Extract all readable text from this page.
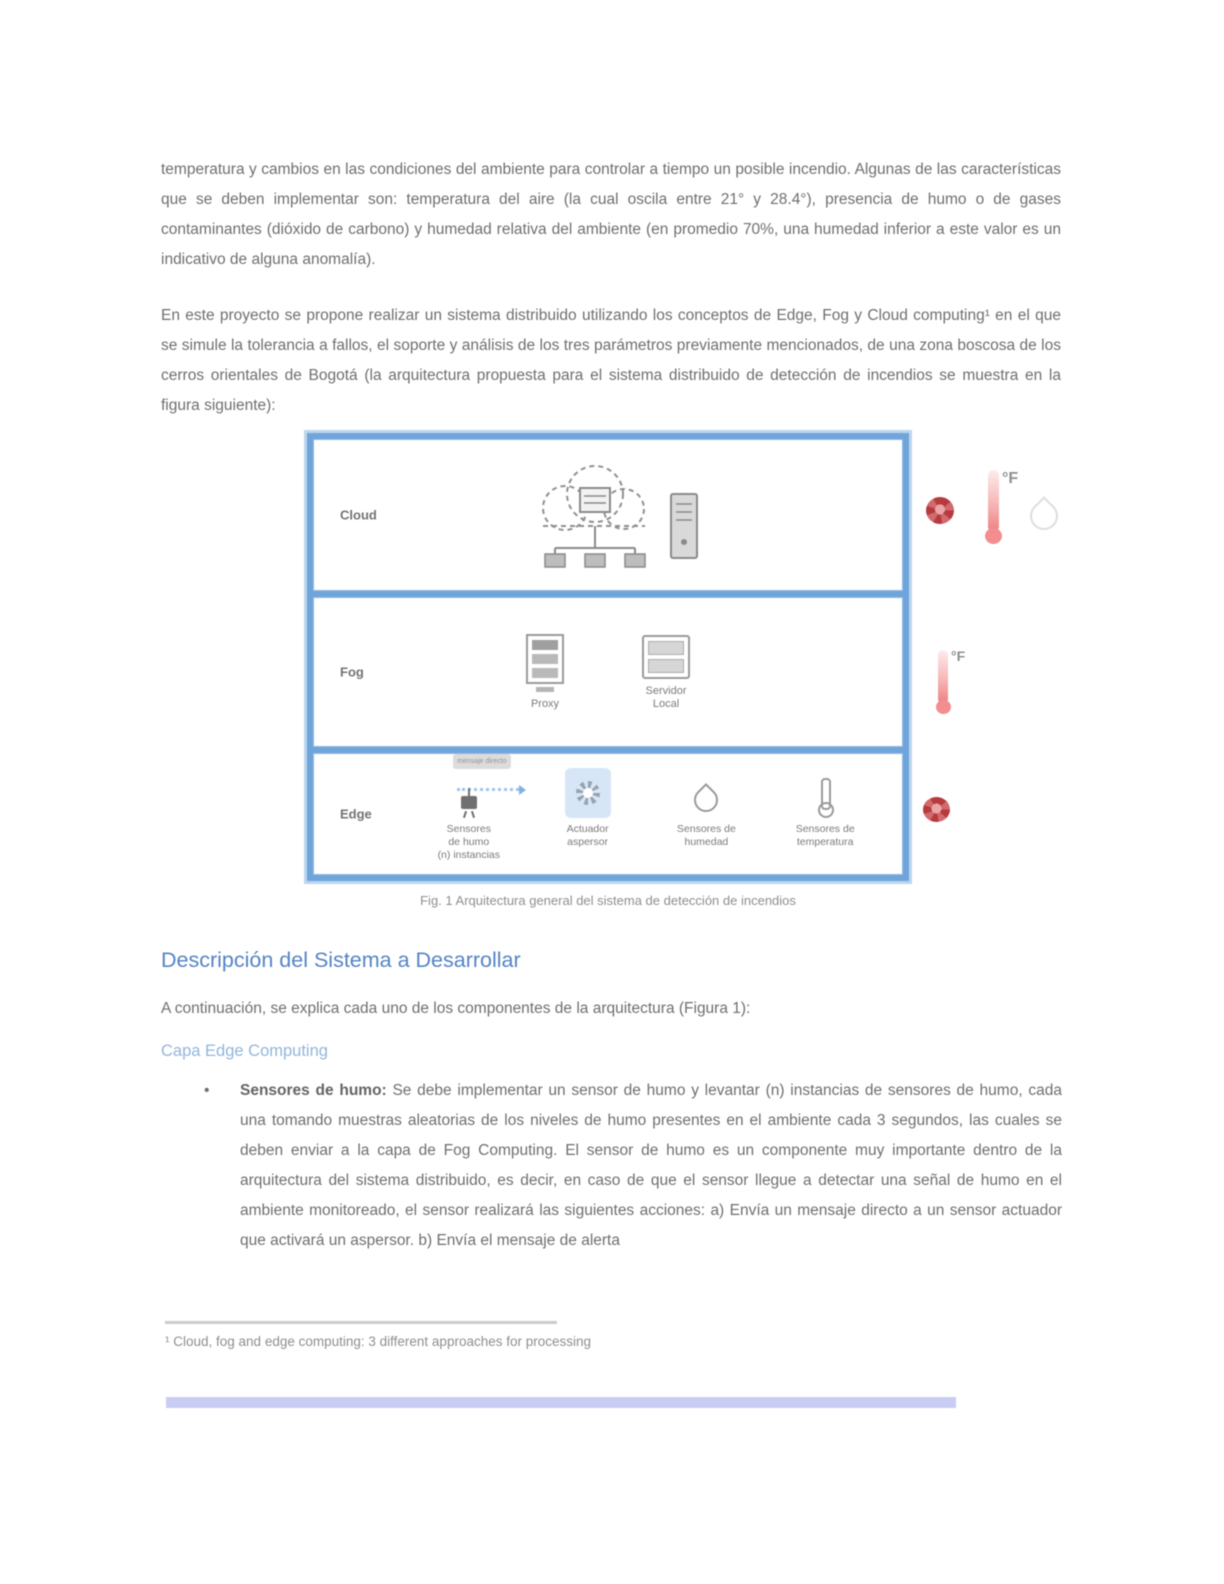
temperatura y cambios en las condiciones del ambiente para controlar a tiempo un posible incendio. Algunas de las características que se deben implementar son: temperatura del aire (la cual oscila entre 21° y 28.4°), presencia de humo o de gases contaminantes (dióxido de carbono) y humedad relativa del ambiente (en promedio 70%, una humedad inferior a este valor es un indicativo de alguna anomalía).

En este proyecto se propone realizar un sistema distribuido utilizando los conceptos de Edge, Fog y Cloud computing¹ en el que se simule la tolerancia a fallos, el soporte y análisis de los tres parámetros previamente mencionados, de una zona boscosa de los cerros orientales de Bogotá (la arquitectura propuesta para el sistema distribuido de detección de incendios se muestra en la figura siguiente):

Cloud
Fog
Proxy
Servidor
Local
Edge
mensaje directo
Sensores
de humo
(n) instancias
Actuador
aspersor
Sensores de
humedad
Sensores de
temperatura
°F
°F
Fig. 1 Arquitectura general del sistema de detección de incendios
Descripción del Sistema a Desarrollar
A continuación, se explica cada uno de los componentes de la arquitectura (Figura 1):
Capa Edge Computing
•	Sensores de humo: Se debe implementar un sensor de humo y levantar (n) instancias de sensores de humo, cada una tomando muestras aleatorias de los niveles de humo presentes en el ambiente cada 3 segundos, las cuales se deben enviar a la capa de Fog Computing. El sensor de humo es un componente muy importante dentro de la arquitectura del sistema distribuido, es decir, en caso de que el sensor llegue a detectar una señal de humo en el ambiente monitoreado, el sensor realizará las siguientes acciones: a) Envía un mensaje directo a un sensor actuador que activará un aspersor. b) Envía el mensaje de alerta
¹ Cloud, fog and edge computing: 3 different approaches for processing
